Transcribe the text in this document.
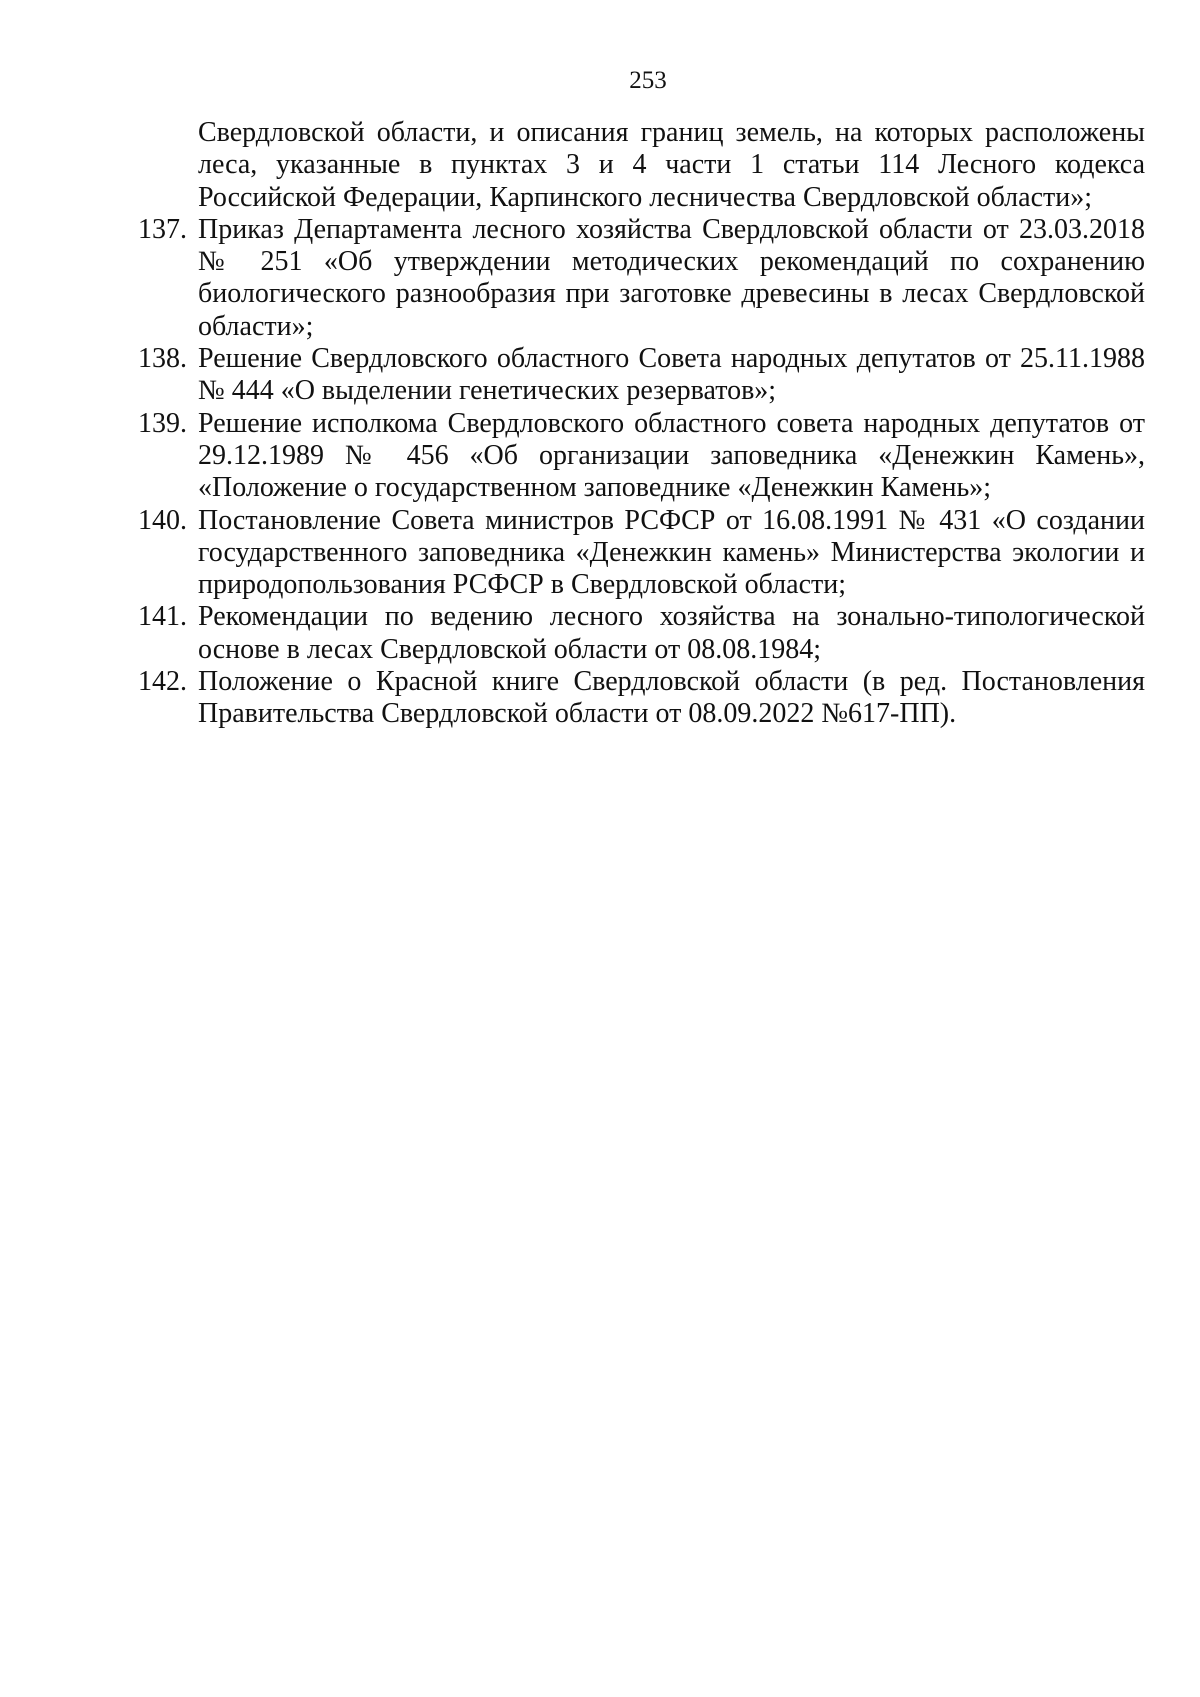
253
Свердловской области, и описания границ земель, на которых расположены леса, указанные в пунктах 3 и 4 части 1 статьи 114 Лесного кодекса Российской Федерации, Карпинского лесничества Свердловской области»;
137. Приказ Департамента лесного хозяйства Свердловской области от 23.03.2018 № 251 «Об утверждении методических рекомендаций по сохранению биологического разнообразия при заготовке древесины в лесах Свердловской области»;
138. Решение Свердловского областного Совета народных депутатов от 25.11.1988 № 444 «О выделении генетических резерватов»;
139. Решение исполкома Свердловского областного совета народных депутатов от 29.12.1989 № 456 «Об организации заповедника «Денежкин Камень», «Положение о государственном заповеднике «Денежкин Камень»;
140. Постановление Совета министров РСФСР от 16.08.1991 № 431 «О создании государственного заповедника «Денежкин камень» Министерства экологии и природопользования РСФСР в Свердловской области;
141. Рекомендации по ведению лесного хозяйства на зонально-типологической основе в лесах Свердловской области от 08.08.1984;
142. Положение о Красной книге Свердловской области (в ред. Постановления Правительства Свердловской области от 08.09.2022 №617-ПП).
